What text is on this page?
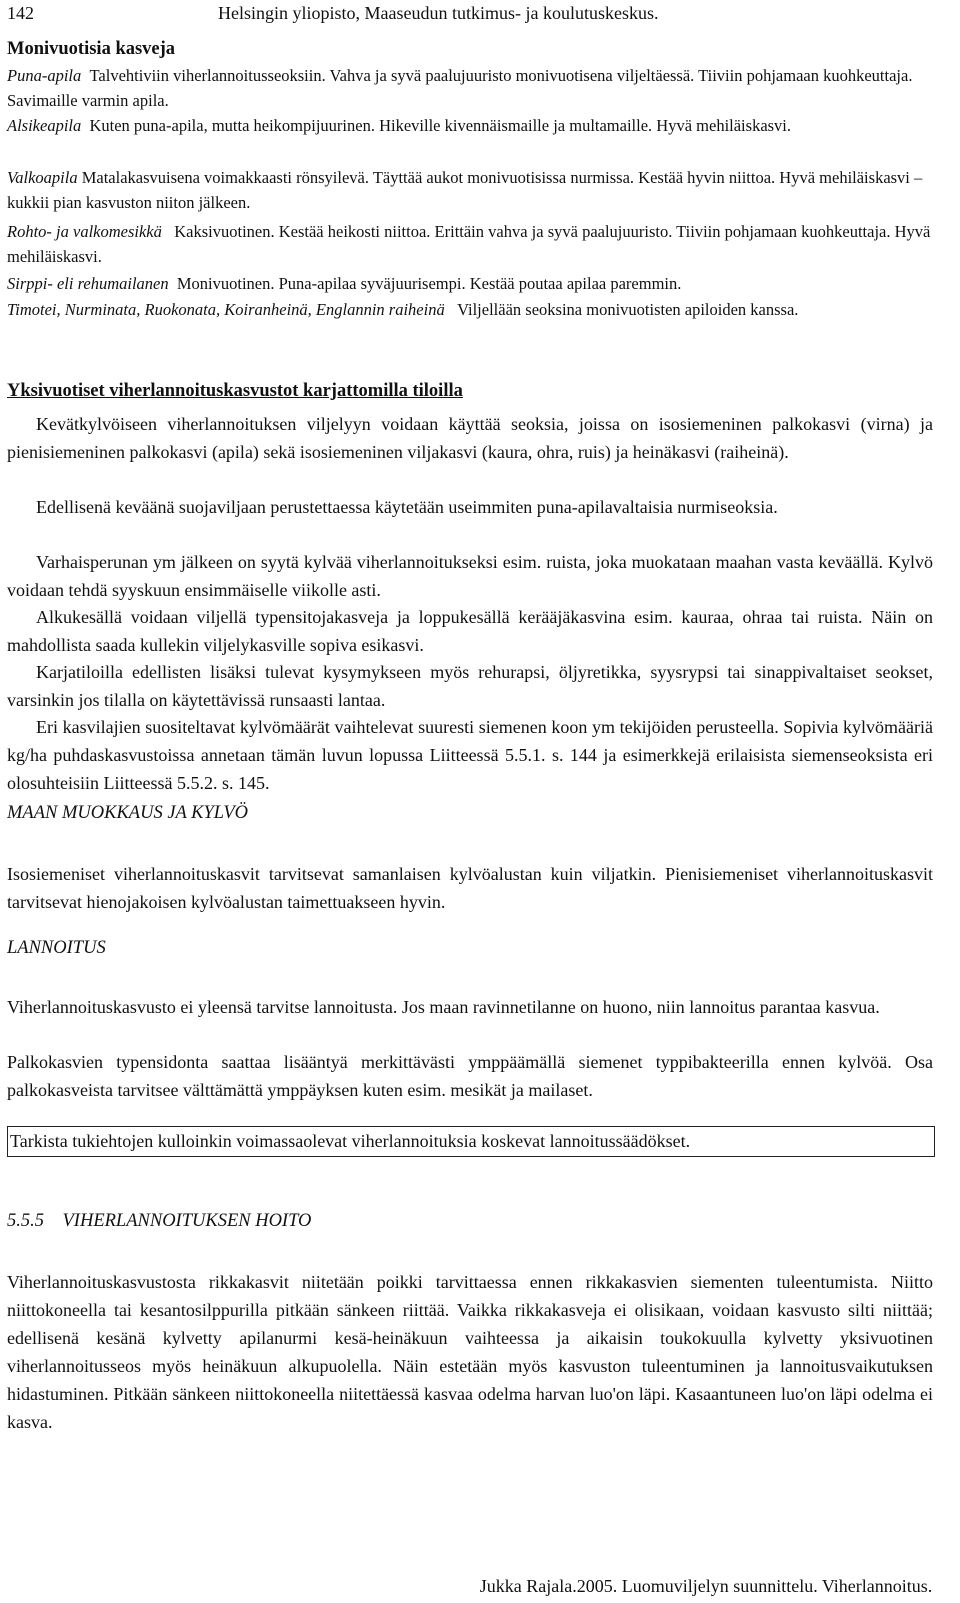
142	Helsingin yliopisto, Maaseudun tutkimus- ja koulutuskeskus.
Monivuotisia kasveja
Puna-apila Talvehtiviin viherlannoitusseoksiin. Vahva ja syvä paalujuuristo monivuotisena viljeltäessä. Tiiviin pohjamaan kuohkeuttaja. Savimaille varmin apila.
Alsikeapila Kuten puna-apila, mutta heikompijuurinen. Hikeville kivennäismaille ja multamaille. Hyvä mehiläiskasvi.
Valkoapila Matalakasvuisena voimakkaasti rönsyilevä. Täyttää aukot monivuotisissa nurmissa. Kestää hyvin niittoa. Hyvä mehiläiskasvi – kukkii pian kasvuston niiton jälkeen.
Rohto- ja valkomesikkä Kaksivuotinen. Kestää heikosti niittoa. Erittäin vahva ja syvä paalujuuristo. Tiiviin pohjamaan kuohkeuttaja. Hyvä mehiläiskasvi.
Sirppi- eli rehumailanen Monivuotinen. Puna-apilaa syväjuurisempi. Kestää poutaa apilaa paremmin.
Timotei, Nurminata, Ruokonata, Koiranheinä, Englannin raiheinä Viljellään seoksina monivuotisten apiloiden kanssa.
Yksivuotiset viherlannoituskasvustot karjattomilla tiloilla

Kevätkylvöiseen viherlannoituksen viljelyyn voidaan käyttää seoksia, joissa on isosiemeninen palkokasvi (virna) ja pienisiemeninen palkokasvi (apila) sekä isosiemeninen viljakasvi (kaura, ohra, ruis) ja heinäkasvi (raiheinä).

Edellisenä keväänä suojaviljaan perustettaessa käytetään useimmiten puna-apilavaltaisia nurmiseoksia.

Varhaisperunan ym jälkeen on syytä kylvää viherlannoitukseksi esim. ruista, joka muokataan maahan vasta keväällä. Kylvö voidaan tehdä syyskuun ensimmäiselle viikolle asti.

Alkukesällä voidaan viljellä typensitojakasveja ja loppukesällä kerääjäkasvina esim. kauraa, ohraa tai ruista. Näin on mahdollista saada kullekin viljelykasville sopiva esikasvi.

Karjatiloilla edellisten lisäksi tulevat kysymykseen myös rehurapsi, öljyretikka, syysrypsi tai sinappivaltaiset seokset, varsinkin jos tilalla on käytettävissä runsaasti lantaa.

Eri kasvilajien suositeltavat kylvömäärät vaihtelevat suuresti siemenen koon ym tekijöiden perusteella. Sopivia kylvömääriä kg/ha puhdaskasvustoissa annetaan tämän luvun lopussa Liitteessä 5.5.1. s. 144 ja esimerkkejä erilaisista siemenseoksista eri olosuhteisiin Liitteessä 5.5.2. s. 145.

MAAN MUOKKAUS JA KYLVÖ

Isosiemeniset viherlannoituskasvit tarvitsevat samanlaisen kylvöalustan kuin viljatkin. Pienisiemeniset viherlannoituskasvit tarvitsevat hienojakoisen kylvöalustan taimettuakseen hyvin.

LANNOITUS

Viherlannoituskasvusto ei yleensä tarvitse lannoitusta. Jos maan ravinnetilanne on huono, niin lannoitus parantaa kasvua.

Palkokasvien typensidonta saattaa lisääntyä merkittävästi ymppäämällä siemenet typpibakteerilla ennen kylvöä. Osa palkokasveista tarvitsee välttämättä ymppäyksen kuten esim. mesikät ja mailaset.

Tarkista tukiehtojen kulloinkin voimassaolevat viherlannoituksia koskevat lannoitussäädökset.
5.5.5    VIHERLANNOITUKSEN HOITO

Viherlannoituskasvustosta rikkakasvit niitetään poikki tarvittaessa ennen rikkakasvien siementen tuleentumista. Niitto niittokoneella tai kesantosilppurilla pitkään sänkeen riittää. Vaikka rikkakasveja ei olisikaan, voidaan kasvusto silti niittää; edellisenä kesänä kylvetty apilanurmi kesä-heinäkuun vaihteessa ja aikaisin toukokuulla kylvetty yksivuotinen viherlannoitusseos myös heinäkuun alkupuolella. Näin estetään myös kasvuston tuleentuminen ja lannoitusvaikutuksen hidastuminen. Pitkään sänkeen niittokoneella niitettäessä kasvaa odelma harvan luo'on läpi. Kasaantuneen luo'on läpi odelma ei kasva.

Jukka Rajala.2005. Luomuviljelyn suunnittelu. Viherlannoitus.
